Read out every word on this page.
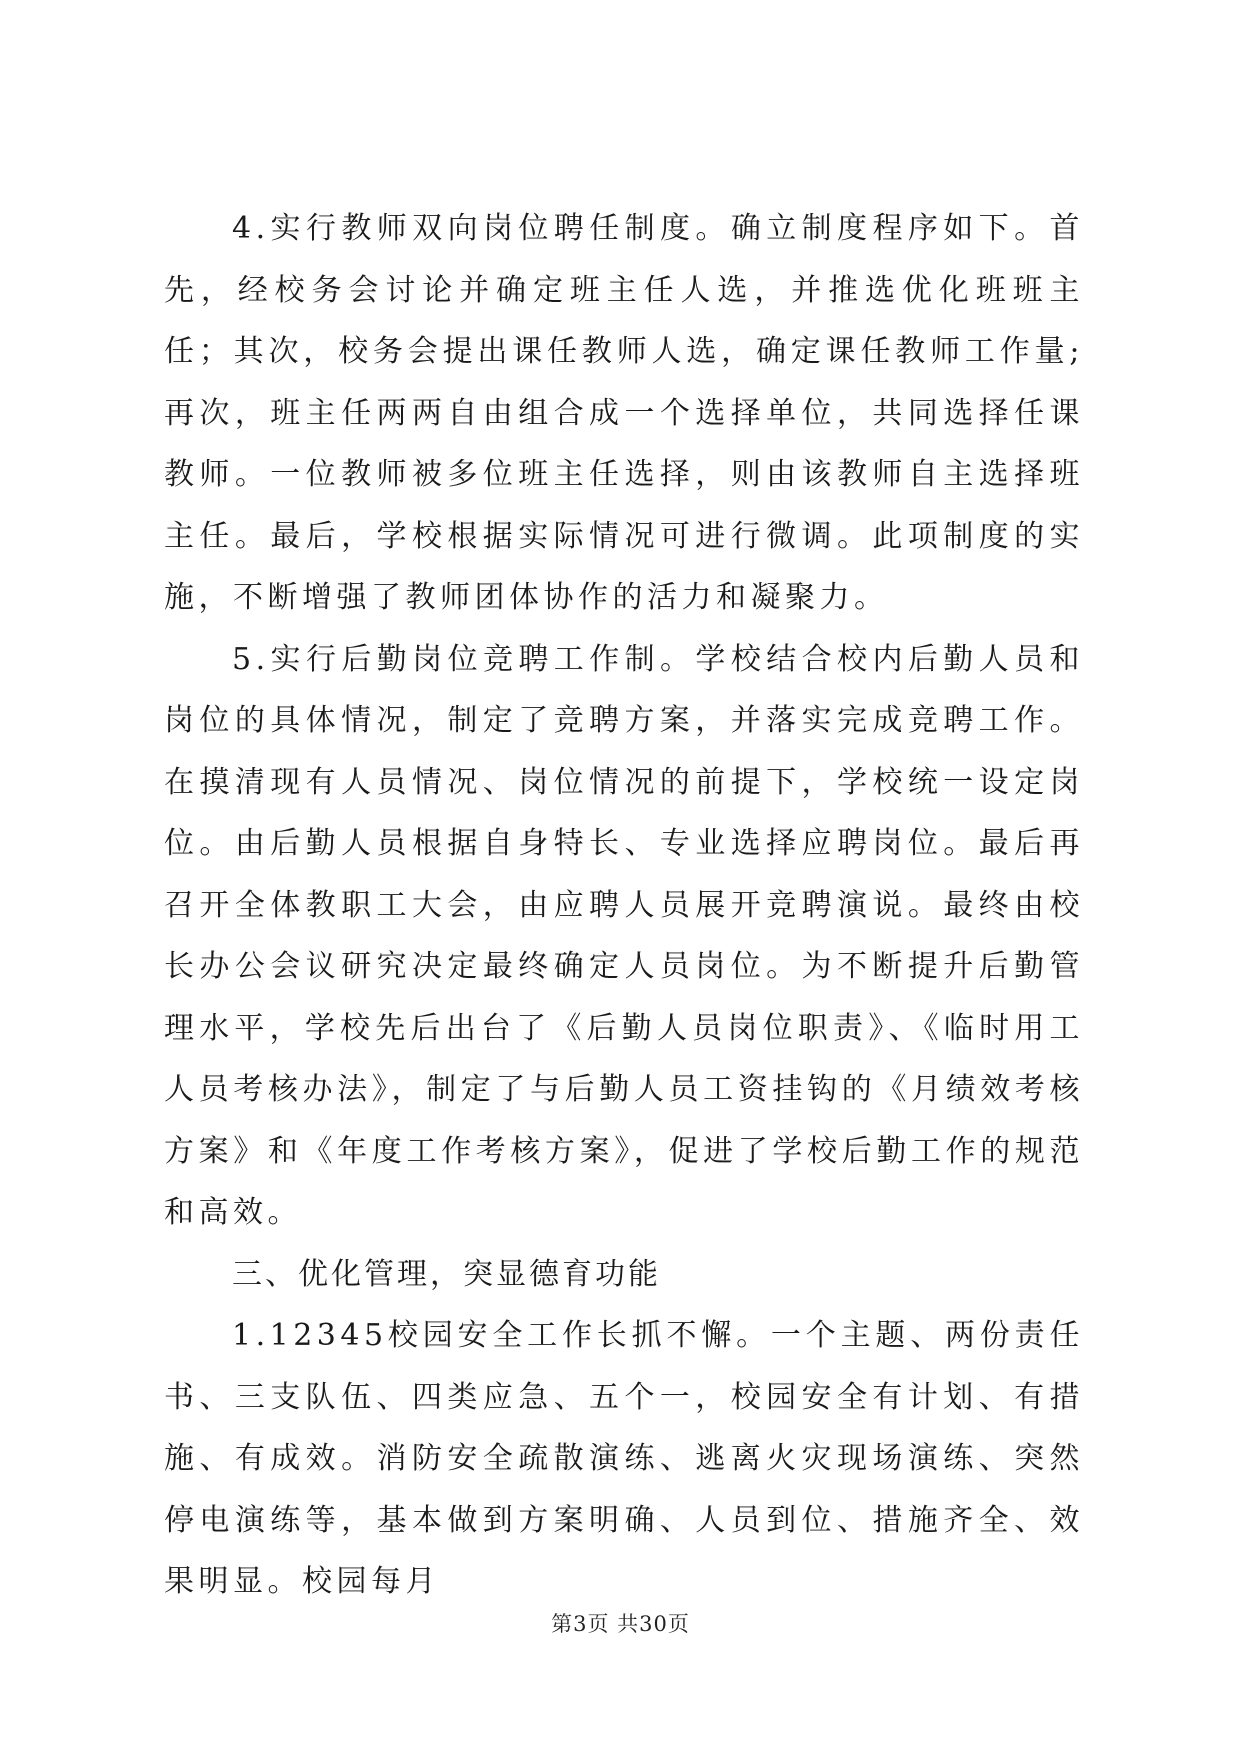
4.实行教师双向岗位聘任制度。确立制度程序如下。首先，经校务会讨论并确定班主任人选，并推选优化班班主任；其次，校务会提出课任教师人选，确定课任教师工作量;再次，班主任两两自由组合成一个选择单位，共同选择任课教师。一位教师被多位班主任选择，则由该教师自主选择班主任。最后，学校根据实际情况可进行微调。此项制度的实施，不断增强了教师团体协作的活力和凝聚力。

5.实行后勤岗位竞聘工作制。学校结合校内后勤人员和岗位的具体情况，制定了竞聘方案，并落实完成竞聘工作。在摸清现有人员情况、岗位情况的前提下，学校统一设定岗位。由后勤人员根据自身特长、专业选择应聘岗位。最后再召开全体教职工大会，由应聘人员展开竞聘演说。最终由校长办公会议研究决定最终确定人员岗位。为不断提升后勤管理水平，学校先后出台了《后勤人员岗位职责》、《临时用工人员考核办法》，制定了与后勤人员工资挂钩的《月绩效考核方案》和《年度工作考核方案》，促进了学校后勤工作的规范和高效。

三、优化管理，突显德育功能

1.12345校园安全工作长抓不懈。一个主题、两份责任书、三支队伍、四类应急、五个一，校园安全有计划、有措施、有成效。消防安全疏散演练、逃离火灾现场演练、突然停电演练等，基本做到方案明确、人员到位、措施齐全、效果明显。校园每月

第3页 共30页
